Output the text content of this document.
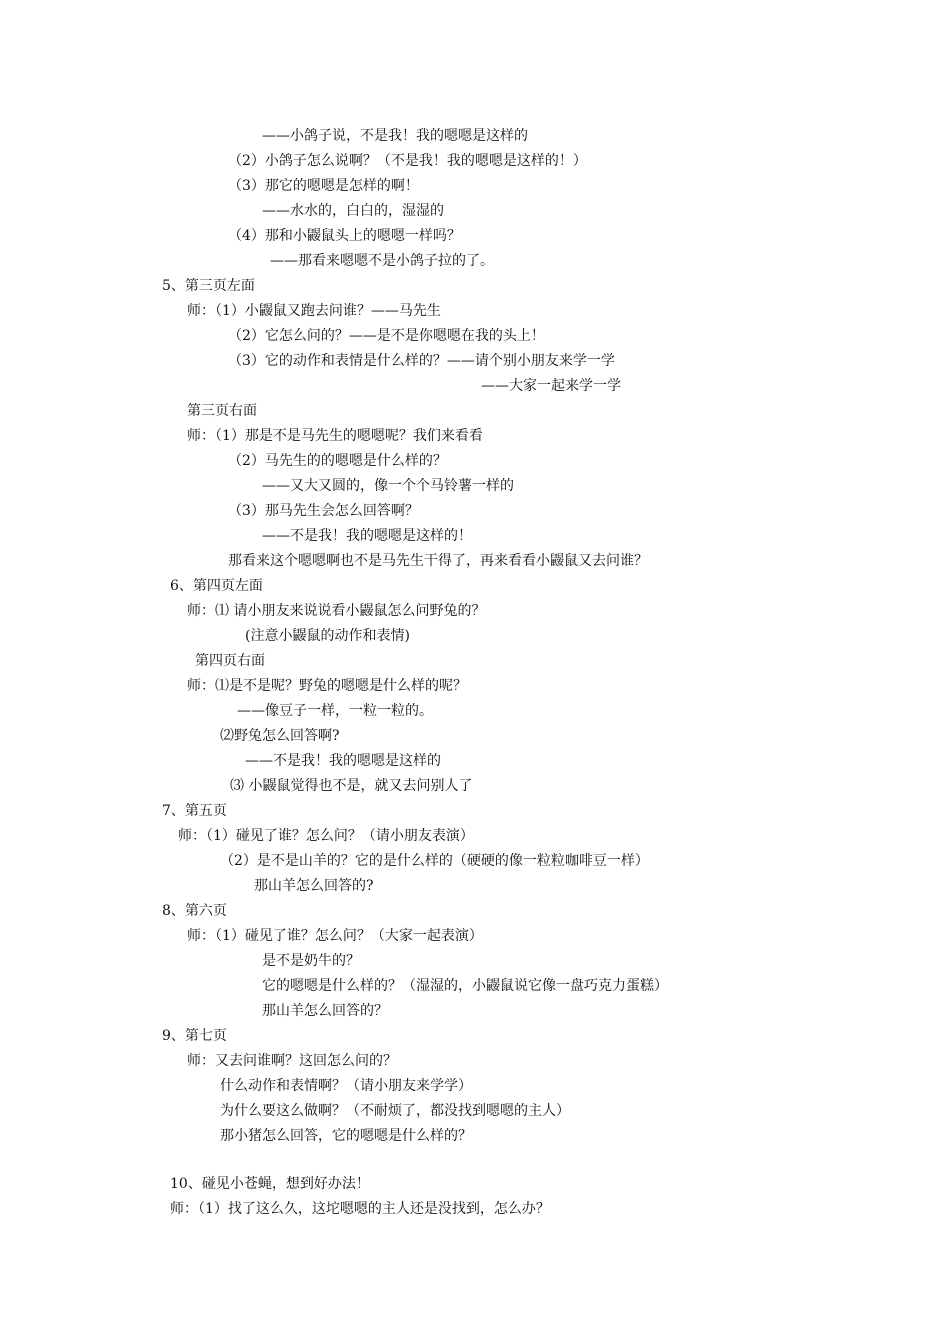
——小鸽子说，不是我！我的嗯嗯是这样的
（2）小鸽子怎么说啊？（不是我！我的嗯嗯是这样的！）
（3）那它的嗯嗯是怎样的啊！
——水水的，白白的，湿湿的
（4）那和小鼹鼠头上的嗯嗯一样吗？
——那看来嗯嗯不是小鸽子拉的了。
5、第三页左面
师：（1）小鼹鼠又跑去问谁？——马先生
（2）它怎么问的？——是不是你嗯嗯在我的头上！
（3）它的动作和表情是什么样的？——请个别小朋友来学一学
——大家一起来学一学
第三页右面
师：（1）那是不是马先生的嗯嗯呢？我们来看看
（2）马先生的的嗯嗯是什么样的？
——又大又圆的，像一个个马铃薯一样的
（3）那马先生会怎么回答啊？
——不是我！我的嗯嗯是这样的！
那看来这个嗯嗯啊也不是马先生干得了，再来看看小鼹鼠又去问谁？
6、第四页左面
师：⑴ 请小朋友来说说看小鼹鼠怎么问野兔的？
(注意小鼹鼠的动作和表情)
第四页右面
师：⑴是不是呢？野兔的嗯嗯是什么样的呢？
——像豆子一样，一粒一粒的。
⑵野兔怎么回答啊?
——不是我！我的嗯嗯是这样的
⑶ 小鼹鼠觉得也不是，就又去问别人了
7、第五页
师：（1）碰见了谁？怎么问？（请小朋友表演）
（2）是不是山羊的？它的是什么样的（硬硬的像一粒粒咖啡豆一样）
那山羊怎么回答的?
8、第六页
师：（1）碰见了谁？怎么问？（大家一起表演）
是不是奶牛的？
它的嗯嗯是什么样的？（湿湿的，小鼹鼠说它像一盘巧克力蛋糕）
那山羊怎么回答的？
9、第七页
师：又去问谁啊？这回怎么问的？
什么动作和表情啊？（请小朋友来学学）
为什么要这么做啊？（不耐烦了，都没找到嗯嗯的主人）
那小猪怎么回答，它的嗯嗯是什么样的？
10、碰见小苍蝇，想到好办法！
师：（1）找了这么久，这坨嗯嗯的主人还是没找到，怎么办？
